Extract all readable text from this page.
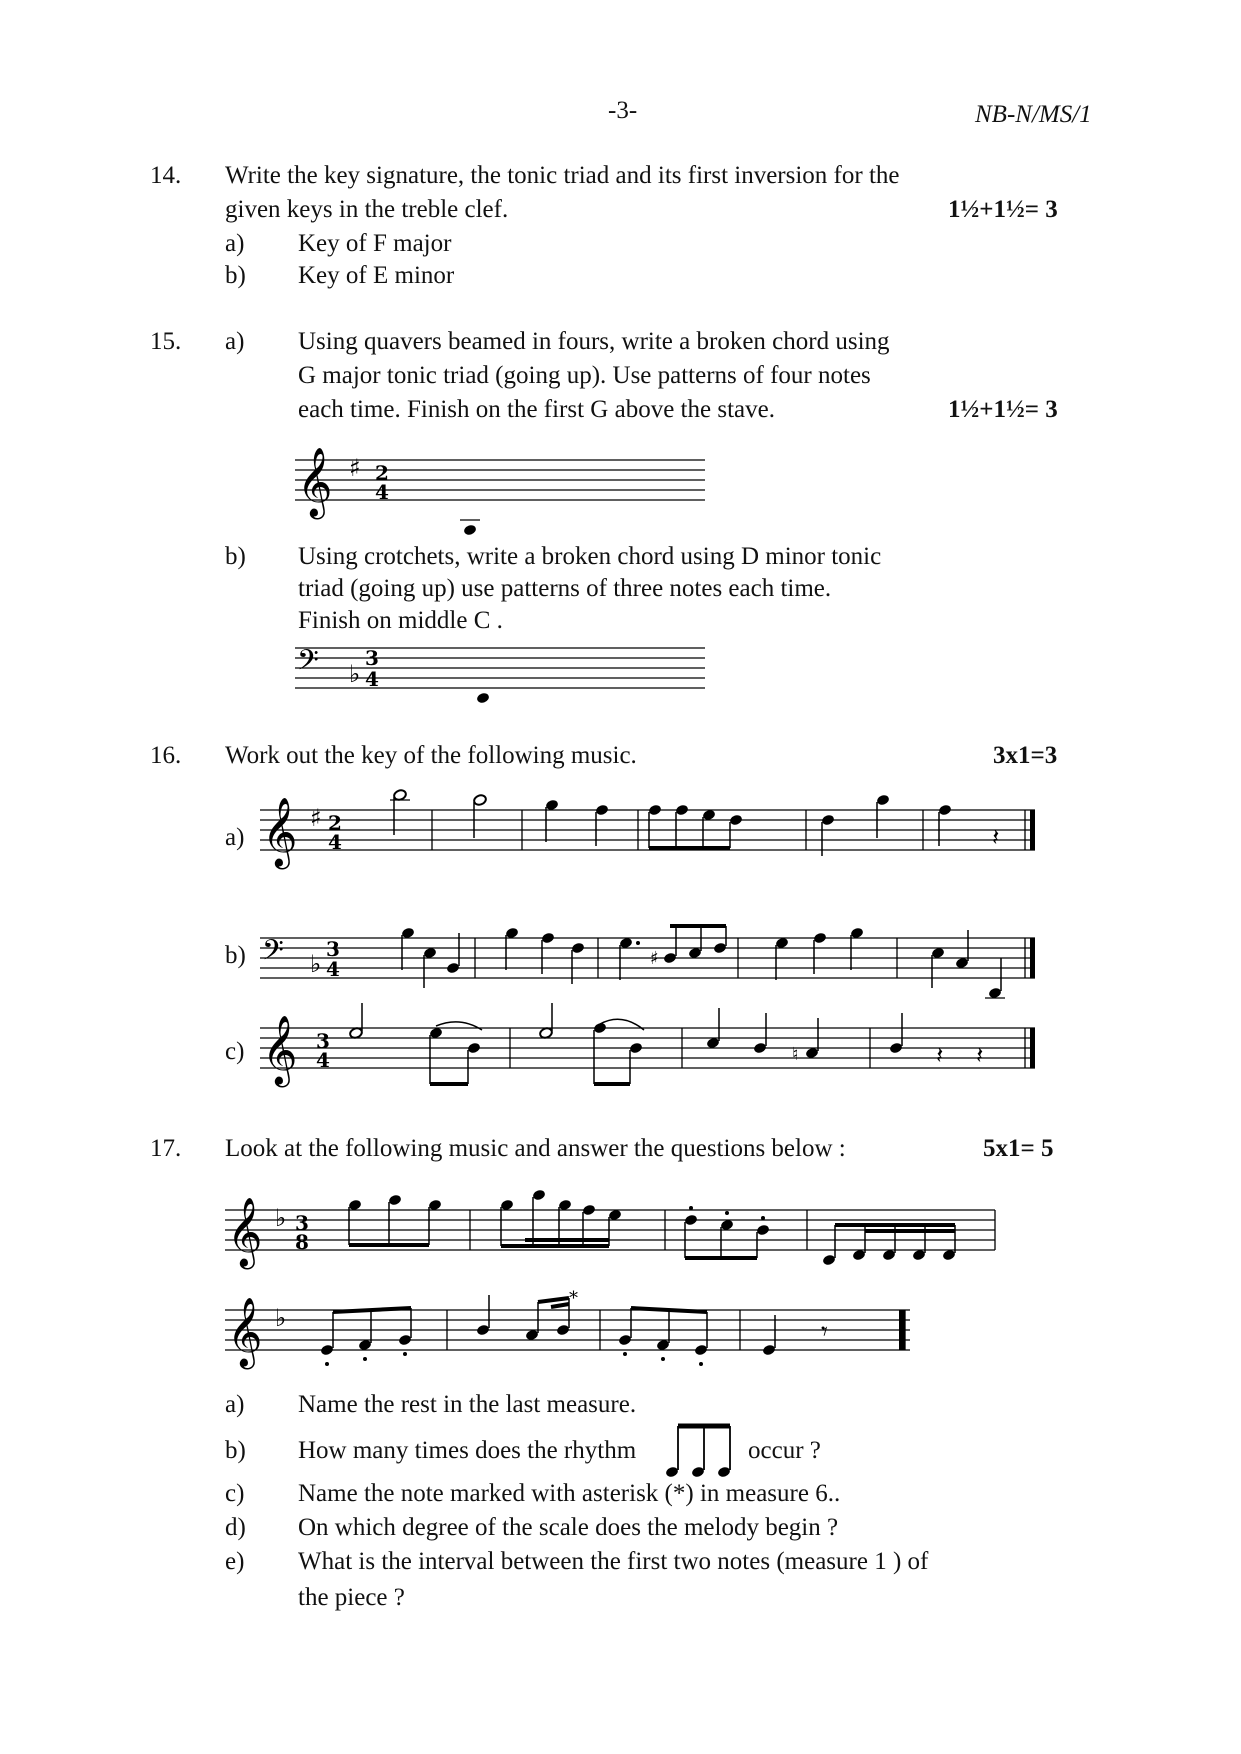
-3-	NB-N/MS/1
14. Write the key signature, the tonic triad and its first inversion for the
given keys in the treble clef.	1½+1½= 3
a) Key of F major
b) Key of E minor
15. a) Using quavers beamed in fours, write a broken chord using
G major tonic triad (going up). Use patterns of four notes
each time. Finish on the first G above the stave.	1½+1½= 3
𝄞 ♯ 2
4
b) Using crotchets, write a broken chord using D minor tonic
triad (going up) use patterns of three notes each time.
Finish on middle C .
𝄢 ♭
3
4
16. Work out the key of the following music.	3x1=3
a) 𝄞 ♯ 2
4	𝄽
b) 𝄢 ♭
3
4	♯
c) 𝄞 3
4	♮	𝄽 𝄽
17. Look at the following music and answer the questions below :	5x1= 5
𝄞 ♭ 3
8
*
𝄞 ♭	𝄾
a) Name the rest in the last measure.
b) How many times does the rhythm	occur ?
c) Name the note marked with asterisk (*) in measure 6..
d) On which degree of the scale does the melody begin ?
e) What is the interval between the first two notes (measure 1 ) of
the piece ?
